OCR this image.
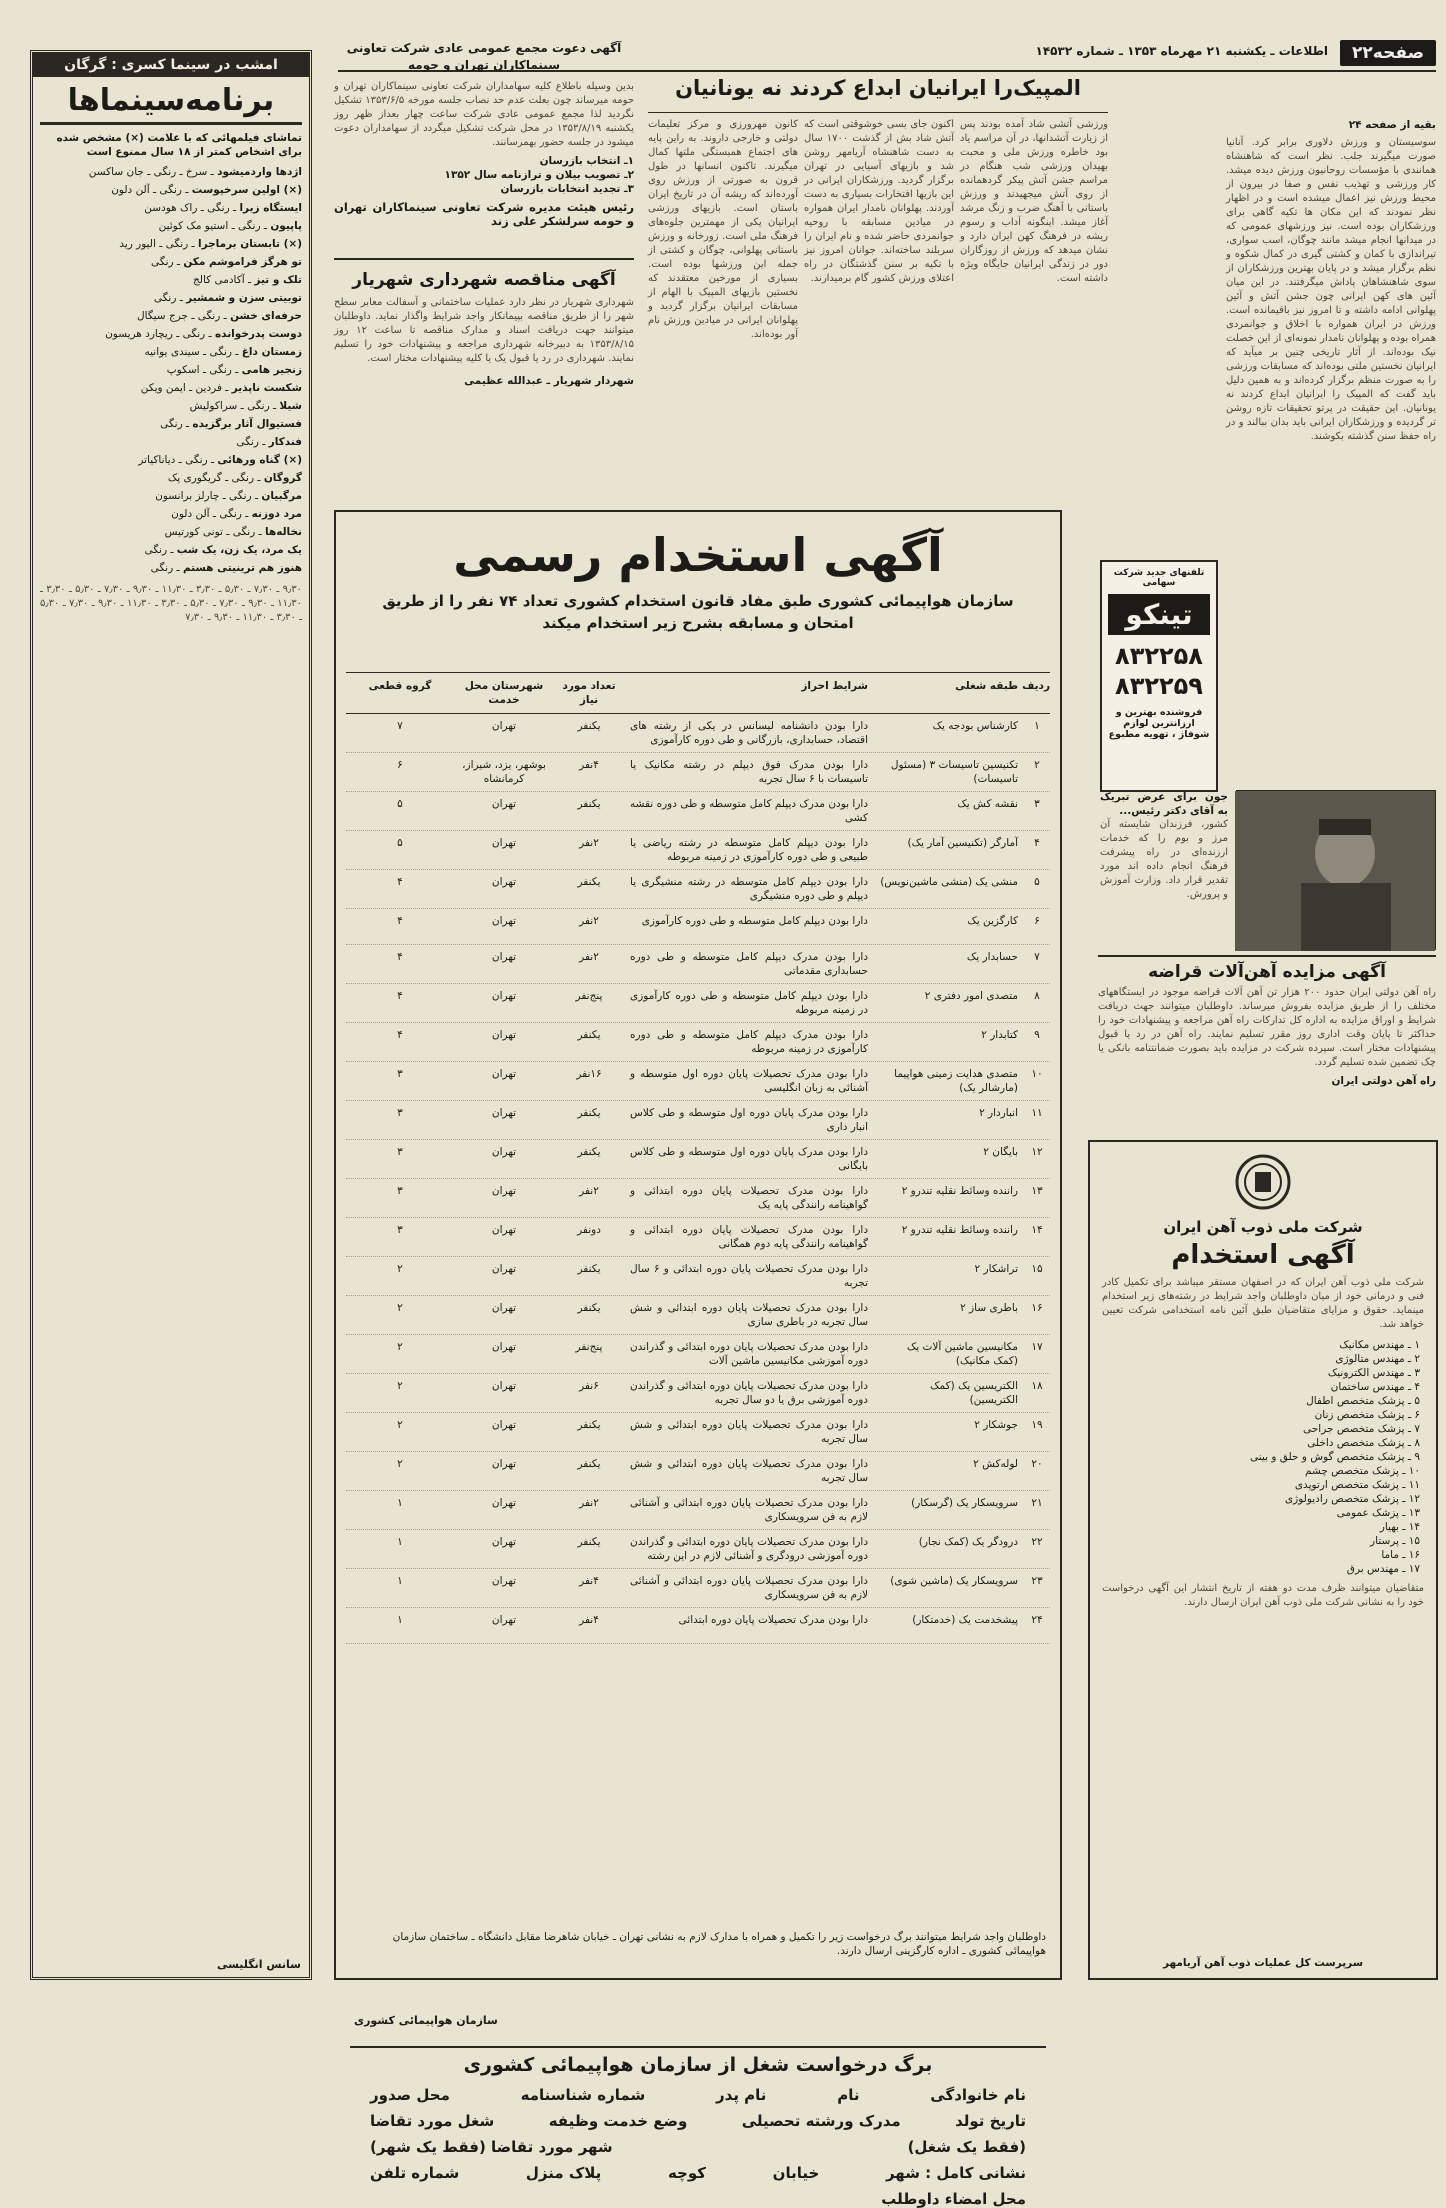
صفحه۲۲
اطلاعات ـ یکشنبه ۲۱ مهرماه ۱۳۵۳ ـ شماره ۱۴۵۳۲
امشب در سینما کسری : گرگان
برنامه‌سینماها
تماشای فیلمهائی که با علامت (×) مشخص شده برای اشخاص کمتر از ۱۸ سال ممنوع است
اژدها واردمیشود ـ سرخ ـ رنگی ـ جان ساکسن
(×) اولین سرخپوست ـ رنگی ـ آلن دلون
ایستگاه زیرا ـ رنگی ـ راک هودسن
پاپیون ـ رنگی ـ استیو مک کوئین
(×) تابستان برماجرا ـ رنگی ـ الیور رید
تو هرگز فراموشم مکن ـ رنگی
تلک و تیز ـ آکادمی کالج
توبیتی سزن و شمشیر ـ رنگی
حرفه‌ای خشن ـ رنگی ـ جرج سیگال
دوست پدرخوانده ـ رنگی ـ ریچارد هریسون
زمستان داغ ـ رنگی ـ سیندی یوانیه
زنجیر هامی ـ رنگی ـ اسکوپ
شکست ناپذیر ـ فردین ـ ایمن ویکن
شیلا ـ رنگی ـ سراکولیش
فستیوال آثار برگزیده ـ رنگی
فندکار ـ رنگی
(×) گناه ورهائی ـ رنگی ـ دیاناکیاتر
گروگان ـ رنگی ـ گریگوری پک
مرگبیان ـ رنگی ـ چارلز برانسون
مرد دوزنه ـ رنگی ـ آلن دلون
نخاله‌ها ـ رنگی ـ تونی کورتیس
یک مرد، یک زن، یک شب ـ رنگی
هنوز هم ترینیتی هستم ـ رنگی
۹٫۳۰ ـ ۷٫۳۰ ـ ۵٫۳۰ ـ ۳٫۳۰ ـ ۱۱٫۳۰ ـ ۹٫۳۰ ـ ۷٫۳۰ ـ ۵٫۳۰ ـ ۳٫۳۰ ـ ۱۱٫۳۰ ـ ۹٫۳۰ ـ ۷٫۳۰ ـ ۵٫۳۰ ـ ۳٫۳۰ ـ ۱۱٫۳۰ ـ ۹٫۳۰ ـ ۷٫۳۰ ـ ۵٫۳۰ ـ ۳٫۳۰ ـ ۱۱٫۳۰ ـ ۹٫۳۰ ـ ۷٫۳۰
سانس انگلیسی
آگهی دعوت مجمع عمومی عادی شرکت تعاونی سینماکاران تهران و حومه
بدین وسیله باطلاع کلیه سهامداران شرکت تعاونی سینماکاران تهران و حومه میرساند چون بعلت عدم حد نصاب جلسه مورخه ۱۳۵۳/۶/۵ تشکیل نگردید لذا مجمع عمومی عادی شرکت ساعت چهار بعداز ظهر روز یکشنبه ۱۳۵۳/۸/۱۹ در محل شرکت تشکیل میگردد از سهامداران دعوت میشود در جلسه حضور بهمرسانند.
۱ـ انتخاب بازرسان
۲ـ تصویب بیلان و ترازنامه سال ۱۳۵۲
۳ـ تجدید انتخابات بازرسان
رئیس هیئت مدیره شرکت تعاونی سینماکاران تهران و حومه سرلشکر علی زند
آگهی مناقصه شهرداری شهریار
شهرداری شهریار در نظر دارد عملیات ساختمانی و آسفالت معابر سطح شهر را از طریق مناقصه بپیمانکار واجد شرایط واگذار نماید. داوطلبان میتوانند جهت دریافت اسناد و مدارک مناقصه تا ساعت ۱۲ روز ۱۳۵۳/۸/۱۵ به دبیرخانه شهرداری مراجعه و پیشنهادات خود را تسلیم نمایند. شهرداری در رد یا قبول یک یا کلیه پیشنهادات مختار است.
شهردار شهریار ـ عبدالله عظیمی
المپیک‌را ایرانیان ابداع کردند نه یونانیان
کانون مهرورزی و مرکز تعلیمات دولتی و خارجی داروند. به راین پایه های اجتماع همبستگی ملتها کمال میگیرند. تاکنون انسانها در طول قرون به صورتی از ورزش روی آورده‌اند که ریشه آن در تاریخ ایران باستان است. بازیهای ورزشی ایرانیان یکی از مهمترین جلوه‌های فرهنگ ملی است. زورخانه و ورزش باستانی پهلوانی، چوگان و کشتی از جمله این ورزشها بوده است. بسیاری از مورخین معتقدند که نخستین بازیهای المپیک با الهام از مسابقات ایرانیان برگزار گردید و پهلوانان ایرانی در میادین ورزش نام آور بوده‌اند.
اکنون جای بسی خوشوقتی است که آتش شاد بش از گذشت ۱۷۰۰ سال به دست شاهنشاه آریامهر روشن شد و بازیهای آسیایی در تهران برگزار گردید. ورزشکاران ایرانی در این بازیها افتخارات بسیاری به دست آوردند. پهلوانان نامدار ایران همواره در میادین مسابقه با روحیه جوانمردی حاضر شده و نام ایران را سربلند ساخته‌اند. جوانان امروز نیز با تکیه بر سنن گذشتگان در راه اعتلای ورزش کشور گام برمیدارند.
ورزشی آتشی شاد آمده بودند پس از زیارت آتشدانها، در آن مراسم یاد بود خاطره ورزش ملی و محبت بهیدان ورزشی شب هنگام در مراسم جشن آتش پیکر گردهمانده از روی آتش میجهیدند و ورزش باستانی با آهنگ ضرب و زنگ مرشد آغاز میشد. اینگونه آداب و رسوم ریشه در فرهنگ کهن ایران دارد و نشان میدهد که ورزش از روزگاران دور در زندگی ایرانیان جایگاه ویژه داشته است.
بقیه از صفحه ۲۴
سوسیستان و ورزش دلاوری برابر کرد. آنانیا صورت میگیرند جلب. نظر است که شاهنشاه همانندی با مؤسسات روحانیون ورزش دیده میشد. کار ورزشی و تهذیب نفس و صفا در بیرون از محیط ورزش نیز اعمال میشده است و در اظهار نظر نمودند که این مکان ها تکیه گاهی برای ورزشکاران بوده است. نیز ورزشهای عمومی که در میدانها انجام میشد مانند چوگان، اسب سواری، تیراندازی با کمان و کشتی گیری در کمال شکوه و نظم برگزار میشد و در پایان بهترین ورزشکاران از سوی شاهنشاهان پاداش میگرفتند. در این میان آئین های کهن ایرانی چون جشن آتش و آئین پهلوانی ادامه داشته و تا امروز نیز باقیمانده است. ورزش در ایران همواره با اخلاق و جوانمردی همراه بوده و پهلوانان نامدار نمونه‌ای از این خصلت نیک بوده‌اند. از آثار تاریخی چنین بر میآید که ایرانیان نخستین ملتی بوده‌اند که مسابقات ورزشی را به صورت منظم برگزار کرده‌اند و به همین دلیل باید گفت که المپیک را ایرانیان ابداع کردند نه یونانیان. این حقیقت در پرتو تحقیقات تازه روشن تر گردیده و ورزشکاران ایرانی باید بدان ببالند و در راه حفظ سنن گذشته بکوشند.
تلفنهای جدید شرکت سهامی
تینکو
۸۳۲۲۵۸
۸۳۲۲۵۹
فروشنده بهترین و ارزانترین لوازم شوفاژ ، تهویه مطبوع
جون برای عرض تبریک به آقای دکتر رئیس...
کشور، فرزندان شایسته آن مرز و بوم را که خدمات ارزنده‌ای در راه پیشرفت فرهنگ انجام داده اند مورد تقدیر قرار داد. وزارت آموزش و پرورش.
آگهی مزایده آهن‌آلات قراضه
راه آهن دولتی ایران حدود ۲۰۰ هزار تن آهن آلات قراضه موجود در ایستگاههای مختلف را از طریق مزایده بفروش میرساند. داوطلبان میتوانند جهت دریافت شرایط و اوراق مزایده به اداره کل تدارکات راه آهن مراجعه و پیشنهادات خود را حداکثر تا پایان وقت اداری روز مقرر تسلیم نمایند. راه آهن در رد یا قبول پیشنهادات مختار است. سپرده شرکت در مزایده باید بصورت ضمانتنامه بانکی یا چک تضمین شده تسلیم گردد.
راه آهن دولتی ایران
شرکت ملی ذوب آهن ایران
آگهی استخدام
شرکت ملی ذوب آهن ایران که در اصفهان مستقر میباشد برای تکمیل کادر فنی و درمانی خود از میان داوطلبان واجد شرایط در رشته‌های زیر استخدام مینماید. حقوق و مزایای متقاضیان طبق آئین نامه استخدامی شرکت تعیین خواهد شد.
۱ ـ مهندس مکانیک
۲ ـ مهندس متالوژی
۳ ـ مهندس الکترونیک
۴ ـ مهندس ساختمان
۵ ـ پزشک متخصص اطفال
۶ ـ پزشک متخصص زنان
۷ ـ پزشک متخصص جراحی
۸ ـ پزشک متخصص داخلی
۹ ـ پزشک متخصص گوش و حلق و بینی
۱۰ ـ پزشک متخصص چشم
۱۱ ـ پزشک متخصص ارتوپدی
۱۲ ـ پزشک متخصص رادیولوژی
۱۳ ـ پزشک عمومی
۱۴ ـ بهیار
۱۵ ـ پرستار
۱۶ ـ ماما
۱۷ ـ مهندس برق
متقاضیان میتوانند ظرف مدت دو هفته از تاریخ انتشار این آگهی درخواست خود را به نشانی شرکت ملی ذوب آهن ایران ارسال دارند.
سرپرست کل عملیات ذوب آهن آریامهر
آگهی استخدام رسمی
سازمان هواپیمائی کشوری طبق مفاد قانون استخدام کشوری تعداد ۷۴ نفر را از طریق امتحان و مسابقه بشرح زیر استخدام میکند
ردیف
طبقه شغلی
شرایط احراز
تعداد مورد نیاز
شهرستان محل خدمت
گروه قطعی
۱
کارشناس بودجه یک
دارا بودن دانشنامه لیسانس در یکی از رشته های اقتصاد، حسابداری، بازرگانی و طی دوره کارآموزی
یکنفر
تهران
۷
۲
تکنیسین تاسیسات ۳ (مسئول تاسیسات)
دارا بودن مدرک فوق دیپلم در رشته مکانیک یا تاسیسات با ۶ سال تجربه
۴نفر
بوشهر، یزد، شیراز، کرمانشاه
۶
۳
نقشه کش یک
دارا بودن مدرک دیپلم کامل متوسطه و طی دوره نقشه کشی
یکنفر
تهران
۵
۴
آمارگر (تکنیسین آمار یک)
دارا بودن دیپلم کامل متوسطه در رشته ریاضی یا طبیعی و طی دوره کارآموزی در زمینه مربوطه
۲نفر
تهران
۵
۵
منشی یک (منشی ماشین‌نویس)
دارا بودن دیپلم کامل متوسطه در رشته منشیگری یا دیپلم و طی دوره منشیگری
یکنفر
تهران
۴
۶
کارگزین یک
دارا بودن دیپلم کامل متوسطه و طی دوره کارآموزی
۲نفر
تهران
۴
۷
حسابدار یک
دارا بودن مدرک دیپلم کامل متوسطه و طی دوره حسابداری مقدماتی
۲نفر
تهران
۴
۸
متصدی امور دفتری ۲
دارا بودن دیپلم کامل متوسطه و طی دوره کارآموزی در زمینه مربوطه
پنج‌نفر
تهران
۴
۹
کتابدار ۲
دارا بودن مدرک دیپلم کامل متوسطه و طی دوره کارآموزی در زمینه مربوطه
یکنفر
تهران
۴
۱۰
متصدی هدایت زمینی هواپیما (مارشالر یک)
دارا بودن مدرک تحصیلات پایان دوره اول متوسطه و آشنائی به زبان انگلیسی
۱۶نفر
تهران
۳
۱۱
انباردار ۲
دارا بودن مدرک پایان دوره اول متوسطه و طی کلاس انبار داری
یکنفر
تهران
۳
۱۲
بایگان ۲
دارا بودن مدرک پایان دوره اول متوسطه و طی کلاس بایگانی
یکنفر
تهران
۳
۱۳
راننده وسائط نقلیه تندرو ۲
دارا بودن مدرک تحصیلات پایان دوره ابتدائی و گواهینامه رانندگی پایه یک
۲نفر
تهران
۳
۱۴
راننده وسائط نقلیه تندرو ۲
دارا بودن مدرک تحصیلات پایان دوره ابتدائی و گواهینامه رانندگی پایه دوم همگانی
دونفر
تهران
۳
۱۵
تراشکار ۲
دارا بودن مدرک تحصیلات پایان دوره ابتدائی و ۶ سال تجربه
یکنفر
تهران
۲
۱۶
باطری ساز ۲
دارا بودن مدرک تحصیلات پایان دوره ابتدائی و شش سال تجربه در باطری سازی
یکنفر
تهران
۲
۱۷
مکانیسین ماشین آلات یک (کمک مکانیک)
دارا بودن مدرک تحصیلات پایان دوره ابتدائی و گذراندن دوره آموزشی مکانیسین ماشین آلات
پنج‌نفر
تهران
۲
۱۸
الکتریسین یک (کمک الکتریسین)
دارا بودن مدرک تحصیلات پایان دوره ابتدائی و گذراندن دوره آموزشی برق یا دو سال تجربه
۶نفر
تهران
۲
۱۹
جوشکار ۲
دارا بودن مدرک تحصیلات پایان دوره ابتدائی و شش سال تجربه
یکنفر
تهران
۲
۲۰
لوله‌کش ۲
دارا بودن مدرک تحصیلات پایان دوره ابتدائی و شش سال تجربه
یکنفر
تهران
۲
۲۱
سرویسکار یک (گرسکار)
دارا بودن مدرک تحصیلات پایان دوره ابتدائی و آشنائی لازم به فن سرویسکاری
۲نفر
تهران
۱
۲۲
درودگر یک (کمک نجار)
دارا بودن مدرک تحصیلات پایان دوره ابتدائی و گذراندن دوره آموزشی درودگری و آشنائی لازم در این رشته
یکنفر
تهران
۱
۲۳
سرویسکار یک (ماشین شوی)
دارا بودن مدرک تحصیلات پایان دوره ابتدائی و آشنائی لازم به فن سرویسکاری
۴نفر
تهران
۱
۲۴
پیشخدمت یک (خدمتکار)
دارا بودن مدرک تحصیلات پایان دوره ابتدائی
۴نفر
تهران
۱
داوطلبان واجد شرایط میتوانند برگ درخواست زیر را تکمیل و همراه با مدارک لازم به نشانی تهران ـ خیابان شاهرضا مقابل دانشگاه ـ ساختمان سازمان هواپیمائی کشوری ـ اداره کارگزینی ارسال دارند.
سازمان هواپیمائی کشوری
برگ درخواست شغل از سازمان هواپیمائی کشوری
نام خانوادگی
نام
نام پدر
شماره شناسنامه
محل صدور
تاریخ تولد
مدرک ورشته تحصیلی
وضع خدمت وظیفه
شغل مورد تقاضا
(فقط یک شغل)
شهر مورد تقاضا (فقط یک شهر)
نشانی کامل : شهر
خیابان
کوچه
پلاک منزل
شماره تلفن
محل امضاء داوطلب
